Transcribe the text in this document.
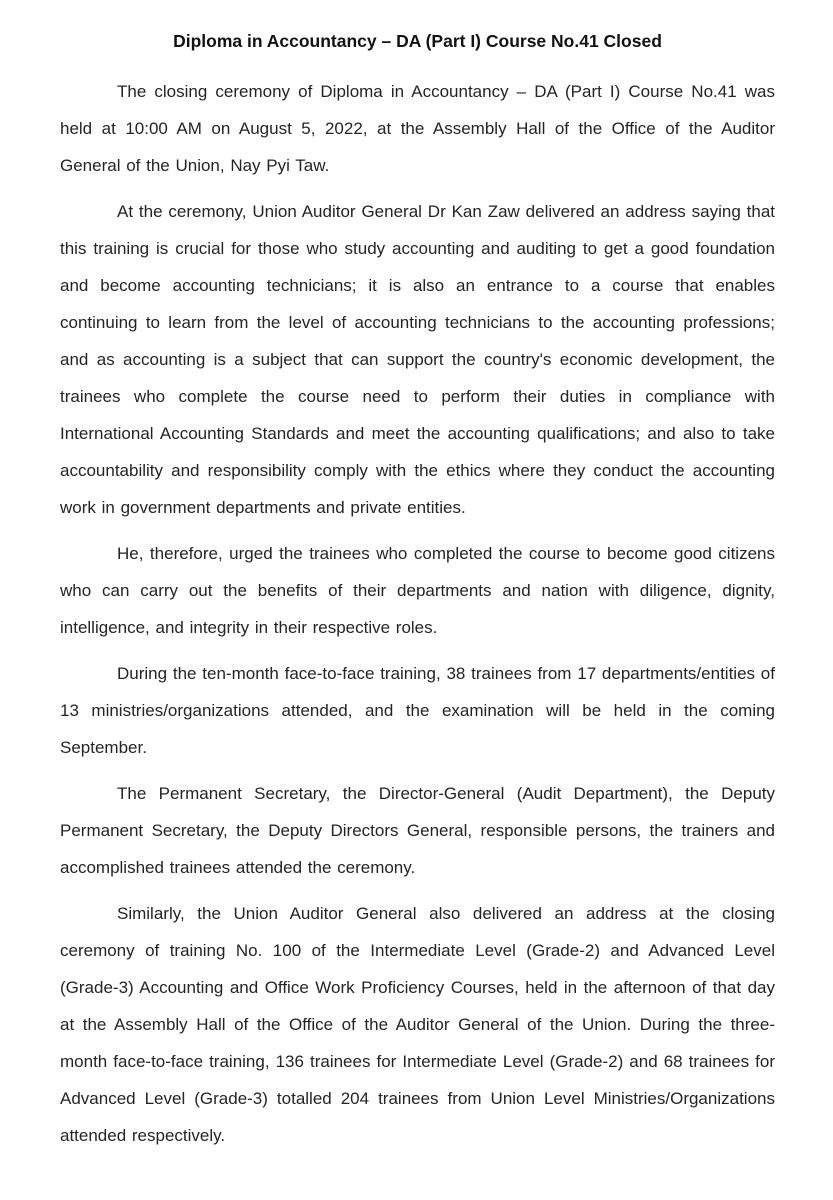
Diploma in Accountancy – DA (Part I) Course No.41 Closed

The closing ceremony of Diploma in Accountancy – DA (Part I) Course No.41 was held at 10:00 AM on August 5, 2022, at the Assembly Hall of the Office of the Auditor General of the Union, Nay Pyi Taw.

At the ceremony, Union Auditor General Dr Kan Zaw delivered an address saying that this training is crucial for those who study accounting and auditing to get a good foundation and become accounting technicians; it is also an entrance to a course that enables continuing to learn from the level of accounting technicians to the accounting professions; and as accounting is a subject that can support the country's economic development, the trainees who complete the course need to perform their duties in compliance with International Accounting Standards and meet the accounting qualifications; and also to take accountability and responsibility comply with the ethics where they conduct the accounting work in government departments and private entities.

He, therefore, urged the trainees who completed the course to become good citizens who can carry out the benefits of their departments and nation with diligence, dignity, intelligence, and integrity in their respective roles.

During the ten-month face-to-face training, 38 trainees from 17 departments/entities of 13 ministries/organizations attended, and the examination will be held in the coming September.

The Permanent Secretary, the Director-General (Audit Department), the Deputy Permanent Secretary, the Deputy Directors General, responsible persons, the trainers and accomplished trainees attended the ceremony.

Similarly, the Union Auditor General also delivered an address at the closing ceremony of training No. 100 of the Intermediate Level (Grade-2) and Advanced Level (Grade-3) Accounting and Office Work Proficiency Courses, held in the afternoon of that day at the Assembly Hall of the Office of the Auditor General of the Union. During the three-month face-to-face training, 136 trainees for Intermediate Level (Grade-2) and 68 trainees for Advanced Level (Grade-3) totalled 204 trainees from Union Level Ministries/Organizations attended respectively.
